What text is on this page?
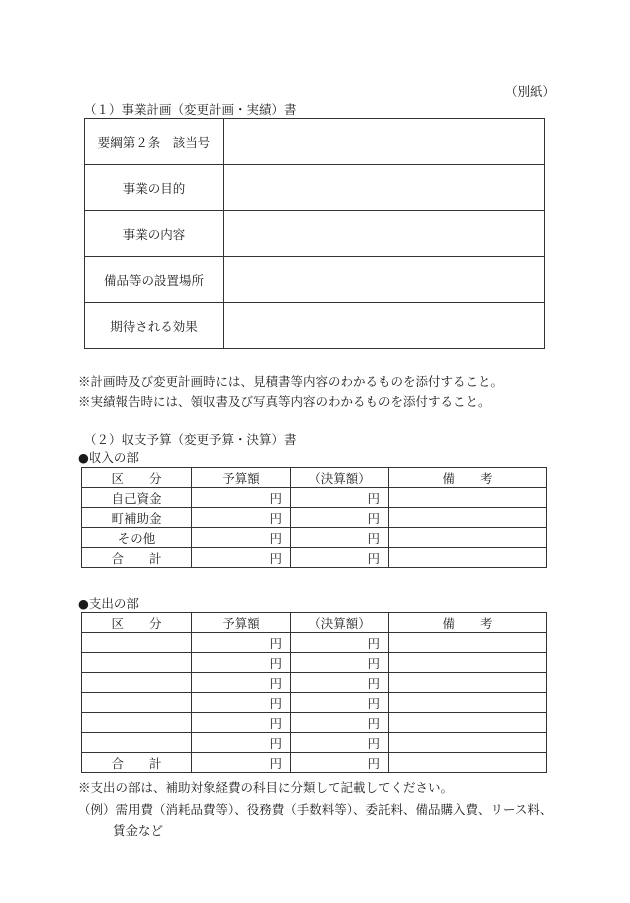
（別紙）
（１）事業計画（変更計画・実績）書
要綱第２条　該当号	
事業の目的	
事業の内容	
備品等の設置場所	
期待される効果	
※計画時及び変更計画時には、見積書等内容のわかるものを添付すること。
※実績報告時には、領収書及び写真等内容のわかるものを添付すること。
（２）収支予算（変更予算・決算）書
●収入の部
区　　分	予算額	（決算額）	備　　考
自己資金	円	円	
町補助金	円	円	
その他	円	円	
合　　計	円	円	
●支出の部
区　　分	予算額	（決算額）	備　　考
	円	円	
	円	円	
	円	円	
	円	円	
	円	円	
	円	円	
合　　計	円	円	
※支出の部は、補助対象経費の科目に分類して記載してください。
（例）需用費（消耗品費等）、役務費（手数料等）、委託料、備品購入費、リース料、
賃金など
